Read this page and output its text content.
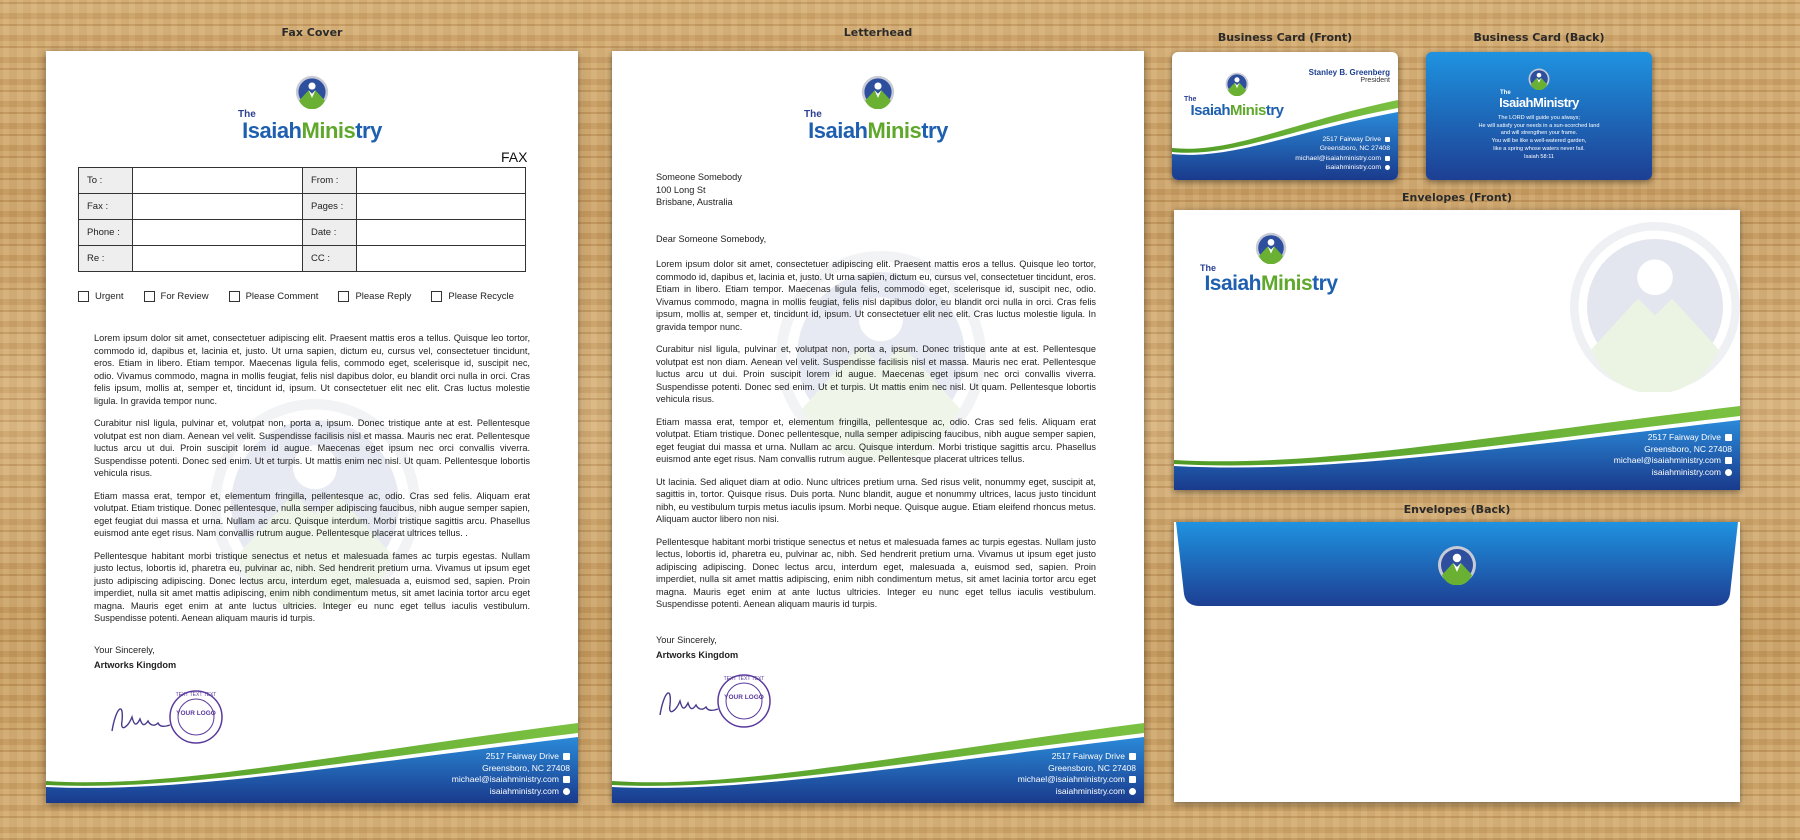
Fax Cover	Letterhead	Business Card (Front)	Business Card (Back)
Envelopes (Front)
Envelopes (Back)
The
IsaiahMinistry
FAX
To :		From :	
Fax :		Pages :	
Phone :		Date :	
Re :		CC :	
Urgent	For Review	Please Comment	Please Reply	Please Recycle

Lorem ipsum dolor sit amet, consectetuer adipiscing elit. Praesent mattis eros a tellus. Quisque leo tortor, commodo id, dapibus et, lacinia et, justo. Ut urna sapien, dictum eu, cursus vel, consectetuer tincidunt, eros. Etiam in libero. Etiam tempor. Maecenas ligula felis, commodo eget, scelerisque id, suscipit nec, odio. Vivamus commodo, magna in mollis feugiat, felis nisl dapibus dolor, eu blandit orci nulla in orci. Cras felis ipsum, mollis at, semper et, tincidunt id, ipsum. Ut consectetuer elit nec elit. Cras luctus molestie ligula. In gravida tempor nunc.

Curabitur nisl ligula, pulvinar et, volutpat non, porta a, ipsum. Donec tristique ante at est. Pellentesque volutpat est non diam. Aenean vel velit. Suspendisse facilisis nisl et massa. Mauris nec erat. Pellentesque luctus arcu ut dui. Proin suscipit lorem id augue. Maecenas eget ipsum nec orci convallis viverra. Suspendisse potenti. Donec sed enim. Ut et turpis. Ut mattis enim nec nisl. Ut quam. Pellentesque lobortis vehicula risus.

Etiam massa erat, tempor et, elementum fringilla, pellentesque ac, odio. Cras sed felis. Aliquam erat volutpat. Etiam tristique. Donec pellentesque, nulla semper adipiscing faucibus, nibh augue semper sapien, eget feugiat dui massa et urna. Nullam ac arcu. Quisque interdum. Morbi tristique sagittis arcu. Phasellus euismod ante eget risus. Nam convallis rutrum augue. Pellentesque placerat ultrices tellus. .

Pellentesque habitant morbi tristique senectus et netus et malesuada fames ac turpis egestas. Nullam justo lectus, lobortis id, pharetra eu, pulvinar ac, nibh. Sed hendrerit pretium urna. Vivamus ut ipsum eget justo adipiscing adipiscing. Donec lectus arcu, interdum eget, malesuada a, euismod sed, sapien. Proin imperdiet, nulla sit amet mattis adipiscing, enim nibh condimentum metus, sit amet lacinia tortor arcu eget magna. Mauris eget enim at ante luctus ultricies. Integer eu nunc eget tellus iaculis vestibulum. Suspendisse potenti. Aenean aliquam mauris id turpis.

Your Sincerely,
Artworks Kingdom
YOUR LOGO
TEXT TEXT TEXT
2517 Fairway Drive
Greensboro, NC 27408
michael@isaiahministry.com
isaiahministry.com
The
IsaiahMinistry
Someone Somebody
100 Long St
Brisbane, Australia
Dear Someone Somebody,

Lorem ipsum dolor sit amet, consectetuer adipiscing elit. Praesent mattis eros a tellus. Quisque leo tortor, commodo id, dapibus et, lacinia et, justo. Ut urna sapien, dictum eu, cursus vel, consectetuer tincidunt, eros. Etiam in libero. Etiam tempor. Maecenas ligula felis, commodo eget, scelerisque id, suscipit nec, odio. Vivamus commodo, magna in mollis feugiat, felis nisl dapibus dolor, eu blandit orci nulla in orci. Cras felis ipsum, mollis at, semper et, tincidunt id, ipsum. Ut consectetuer elit nec elit. Cras luctus molestie ligula. In gravida tempor nunc.

Curabitur nisl ligula, pulvinar et, volutpat non, porta a, ipsum. Donec tristique ante at est. Pellentesque volutpat est non diam. Aenean vel velit. Suspendisse facilisis nisl et massa. Mauris nec erat. Pellentesque luctus arcu ut dui. Proin suscipit lorem id augue. Maecenas eget ipsum nec orci convallis viverra. Suspendisse potenti. Donec sed enim. Ut et turpis. Ut mattis enim nec nisl. Ut quam. Pellentesque lobortis vehicula risus.

Etiam massa erat, tempor et, elementum fringilla, pellentesque ac, odio. Cras sed felis. Aliquam erat volutpat. Etiam tristique. Donec pellentesque, nulla semper adipiscing faucibus, nibh augue semper sapien, eget feugiat dui massa et urna. Nullam ac arcu. Quisque interdum. Morbi tristique sagittis arcu. Phasellus euismod ante eget risus. Nam convallis rutrum augue. Pellentesque placerat ultrices tellus.

Ut lacinia. Sed aliquet diam at odio. Nunc ultrices pretium urna. Sed risus velit, nonummy eget, suscipit at, sagittis in, tortor. Quisque risus. Duis porta. Nunc blandit, augue et nonummy ultrices, lacus justo tincidunt nibh, eu vestibulum turpis metus iaculis ipsum. Morbi neque. Quisque augue. Etiam eleifend rhoncus metus. Aliquam auctor libero non nisi.

Pellentesque habitant morbi tristique senectus et netus et malesuada fames ac turpis egestas. Nullam justo lectus, lobortis id, pharetra eu, pulvinar ac, nibh. Sed hendrerit pretium urna. Vivamus ut ipsum eget justo adipiscing adipiscing. Donec lectus arcu, interdum eget, malesuada a, euismod sed, sapien. Proin imperdiet, nulla sit amet mattis adipiscing, enim nibh condimentum metus, sit amet lacinia tortor arcu eget magna. Mauris eget enim at ante luctus ultricies. Integer eu nunc eget tellus iaculis vestibulum. Suspendisse potenti. Aenean aliquam mauris id turpis.

Your Sincerely,
Artworks Kingdom
YOUR LOGO
TEXT TEXT TEXT
2517 Fairway Drive
Greensboro, NC 27408
michael@isaiahministry.com
isaiahministry.com
Stanley B. Greenberg
President
The
IsaiahMinistry
2517 Fairway Drive
Greensboro, NC 27408
michael@isaiahministry.com
isaiahministry.com
The
IsaiahMinistry
The LORD will guide you always;
He will satisfy your needs in a sun-scorched land
and will strengthen your frame.
You will be like a well-watered garden,
like a spring whose waters never fail.
Isaiah 58:11
The
IsaiahMinistry
2517 Fairway Drive
Greensboro, NC 27408
michael@isaiahministry.com
isaiahministry.com
